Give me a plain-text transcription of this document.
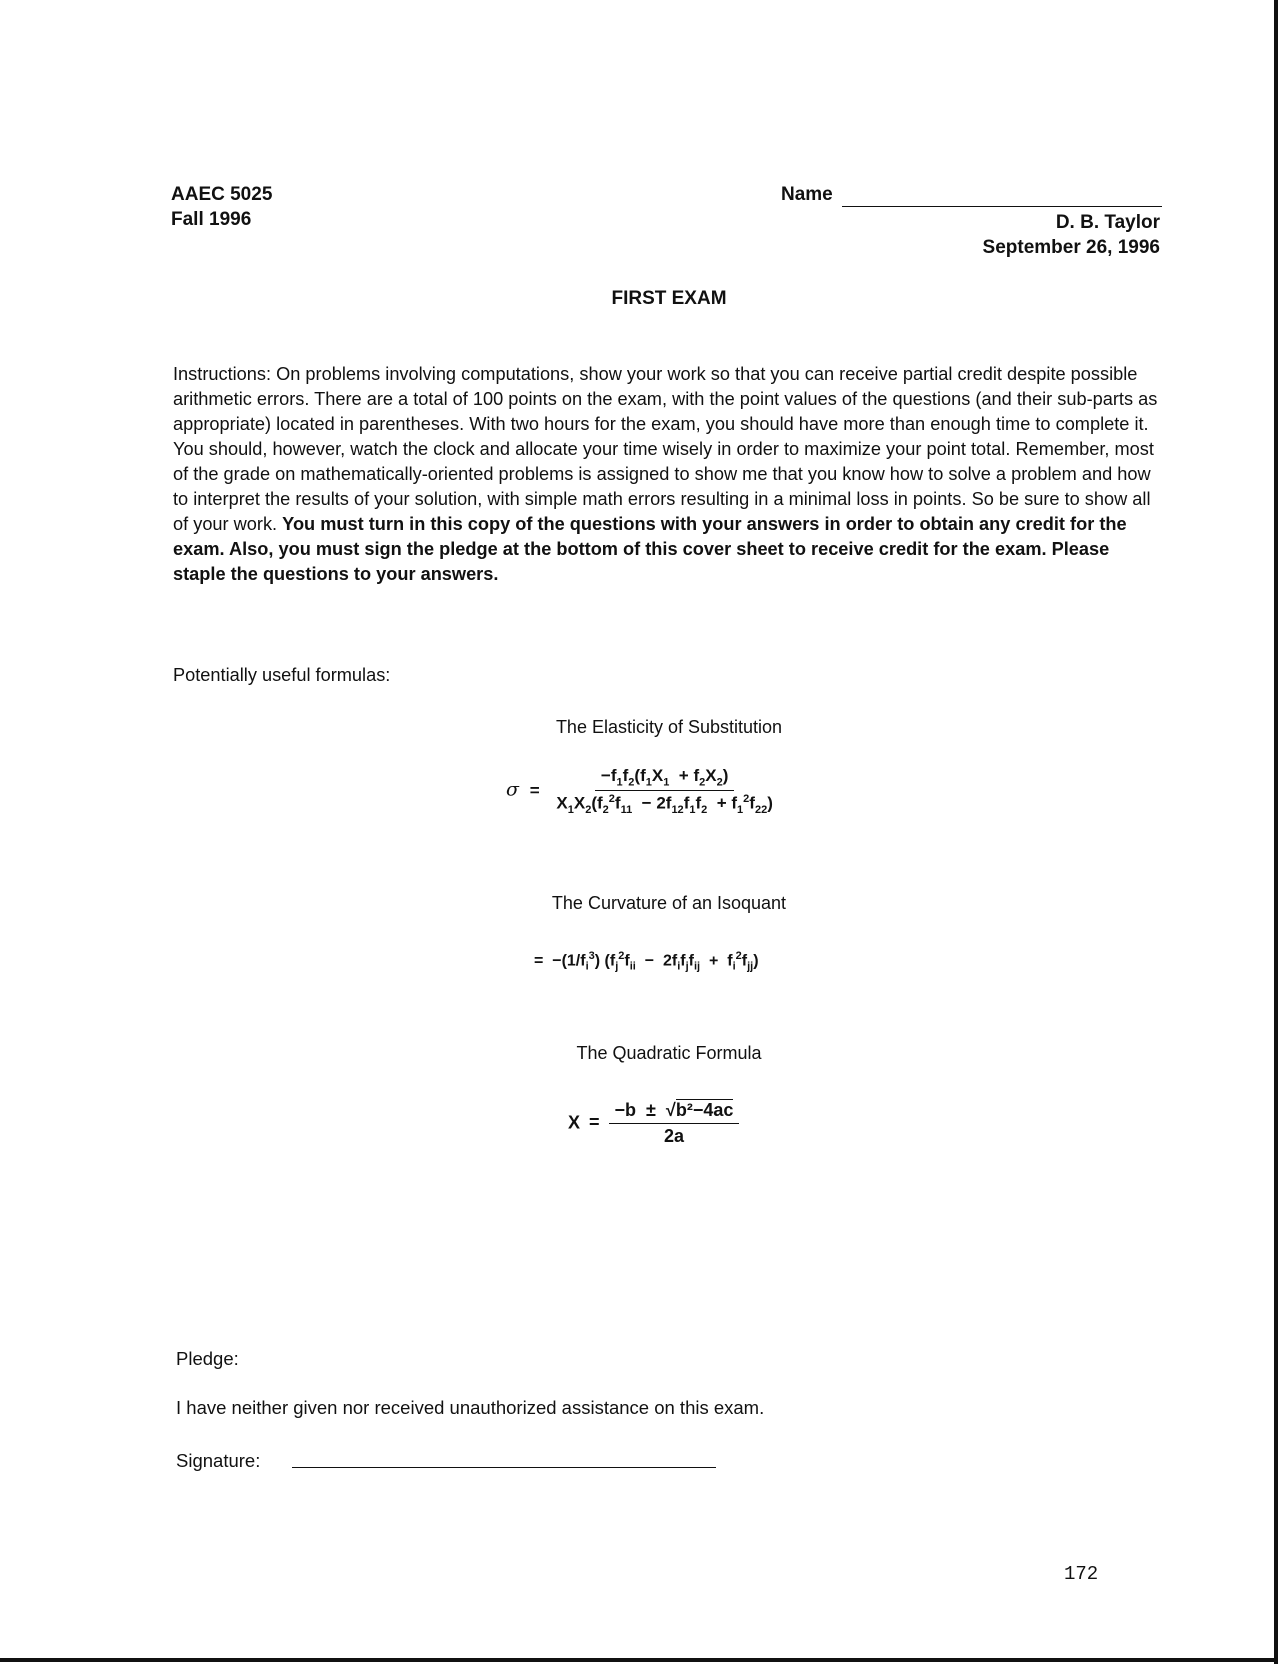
AAEC 5025
Fall 1996
Name
D. B. Taylor
September 26, 1996
FIRST EXAM
Instructions: On problems involving computations, show your work so that you can receive partial credit despite possible arithmetic errors. There are a total of 100 points on the exam, with the point values of the questions (and their sub-parts as appropriate) located in parentheses. With two hours for the exam, you should have more than enough time to complete it. You should, however, watch the clock and allocate your time wisely in order to maximize your point total. Remember, most of the grade on mathematically-oriented problems is assigned to show me that you know how to solve a problem and how to interpret the results of your solution, with simple math errors resulting in a minimal loss in points. So be sure to show all of your work. You must turn in this copy of the questions with your answers in order to obtain any credit for the exam. Also, you must sign the pledge at the bottom of this cover sheet to receive credit for the exam. Please staple the questions to your answers.
Potentially useful formulas:
The Elasticity of Substitution
$\sigma = \frac{-f_1f_2(f_1X_1 + f_2X_2)}{X_1X_2(f_2^2f_{11} - 2f_{12}f_1f_2 + f_1^2f_{22})}$
The Curvature of an Isoquant
=  $-(1/f_i^3) (f_j^2f_{ii} - 2f_if_jf_{ij} + f_i^2f_{jj})$
The Quadratic Formula
$X = \frac{\text{−b  ±  √b²−4ac}}{2a}$
Pledge:
I have neither given nor received unauthorized assistance on this exam.
Signature:
172
